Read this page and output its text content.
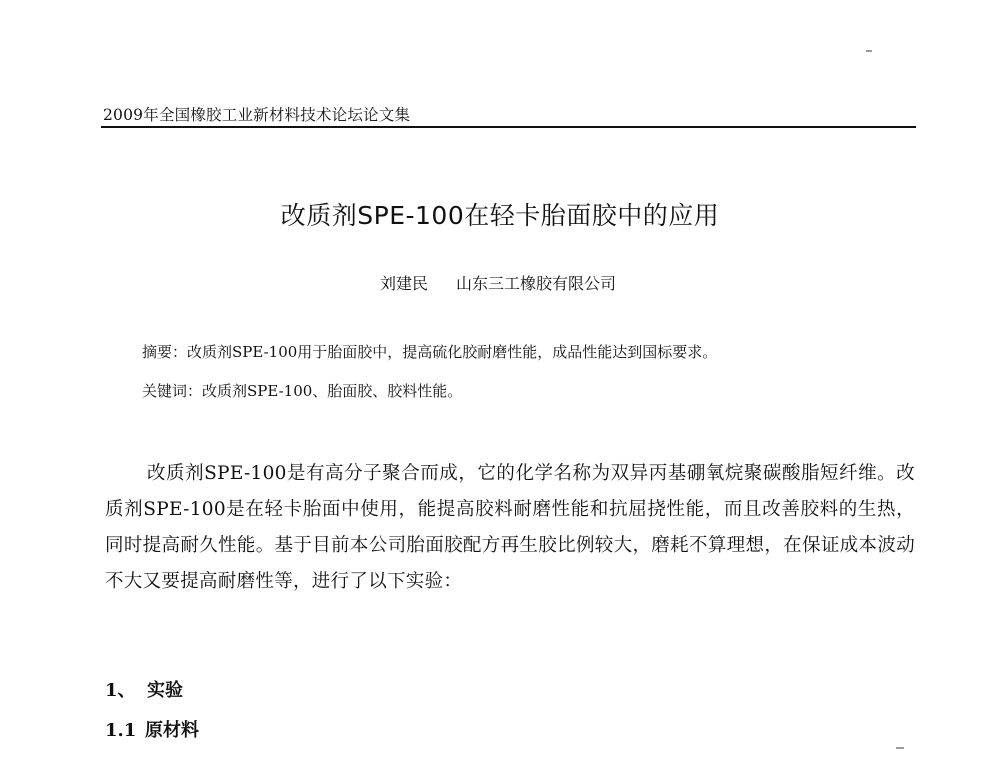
2009年全国橡胶工业新材料技术论坛论文集
改质剂SPE-100在轻卡胎面胶中的应用
刘建民 山东三工橡胶有限公司
摘要：改质剂SPE-100用于胎面胶中，提高硫化胶耐磨性能，成品性能达到国标要求。
关键词：改质剂SPE-100、胎面胶、胶料性能。

改质剂SPE-100是有高分子聚合而成，它的化学名称为双异丙基硼氧烷聚碳酸脂短纤维。改质剂SPE-100是在轻卡胎面中使用，能提高胶料耐磨性能和抗屈挠性能，而且改善胶料的生热，同时提高耐久性能。基于目前本公司胎面胶配方再生胶比例较大，磨耗不算理想，在保证成本波动不大又要提高耐磨性等，进行了以下实验：

1、 实验
1.1 原材料
